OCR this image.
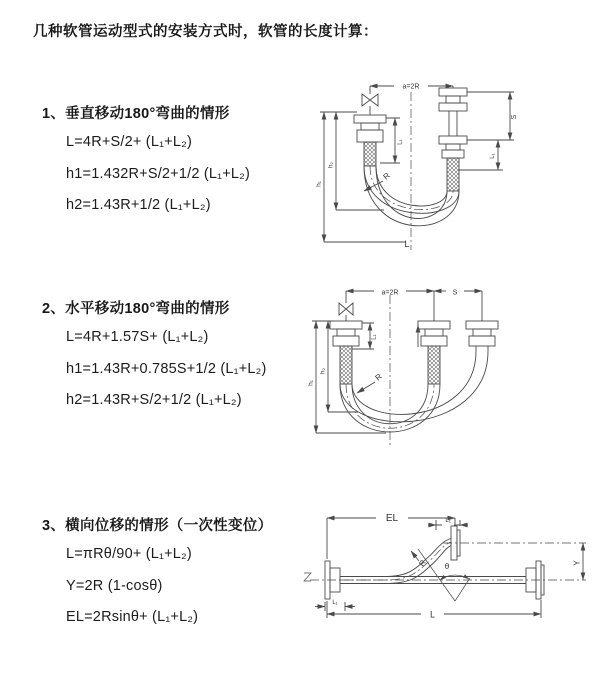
几种软管运动型式的安装方式时，软管的长度计算：
1、垂直移动180°弯曲的情形
L=4R+S/2+ (L₁+L₂)
h1=1.432R+S/2+1/2 (L₁+L₂)
h2=1.43R+1/2 (L₁+L₂)
2、水平移动180°弯曲的情形
L=4R+1.57S+ (L₁+L₂)
h1=1.43R+0.785S+1/2 (L₁+L₂)
h2=1.43R+S/2+1/2 (L₁+L₂)
3、横向位移的情形（一次性变位）
L=πRθ/90+ (L₁+L₂)
Y=2R (1-cosθ)
EL=2Rsinθ+ (L₁+L₂)
a=2R
S
L₁
L₁
h₁
h₂
R
L
a=2R	S
h₁
h₂
L₁
R
EL	L₁
Y
R θ
L
L₁
